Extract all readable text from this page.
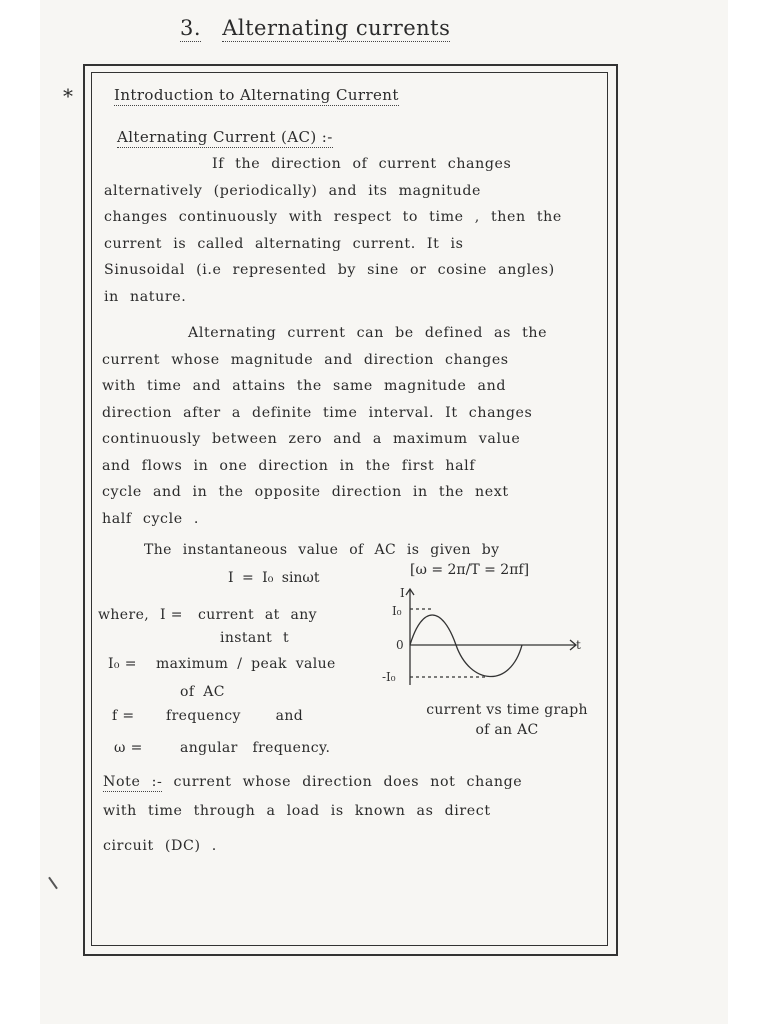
3. Alternating currents
*	Introduction to Alternating Current
Alternating Current (AC) :-
If the direction of current changes
alternatively (periodically) and its magnitude
changes continuously with respect to time , then the
current is called alternating current. It is
Sinusoidal (i.e represented by sine or cosine angles)
in nature.
Alternating current can be defined as the
current whose magnitude and direction changes
with time and attains the same magnitude and
direction after a definite time interval. It changes
continuously between zero and a maximum value
and flows in one direction in the first half
cycle and in the opposite direction in the next
half cycle .
The instantaneous value of AC is given by
I = I₀ sinωt	[ω = 2π/T = 2πf]
where, I = current at any
instant t
I₀ = maximum / peak value
of AC
f = frequency and
ω =	angular frequency.
I
I₀
0
-I₀
t
current vs time graph
of an AC
Note :- current whose direction does not change
with time through a load is known as direct
circuit (DC) .
